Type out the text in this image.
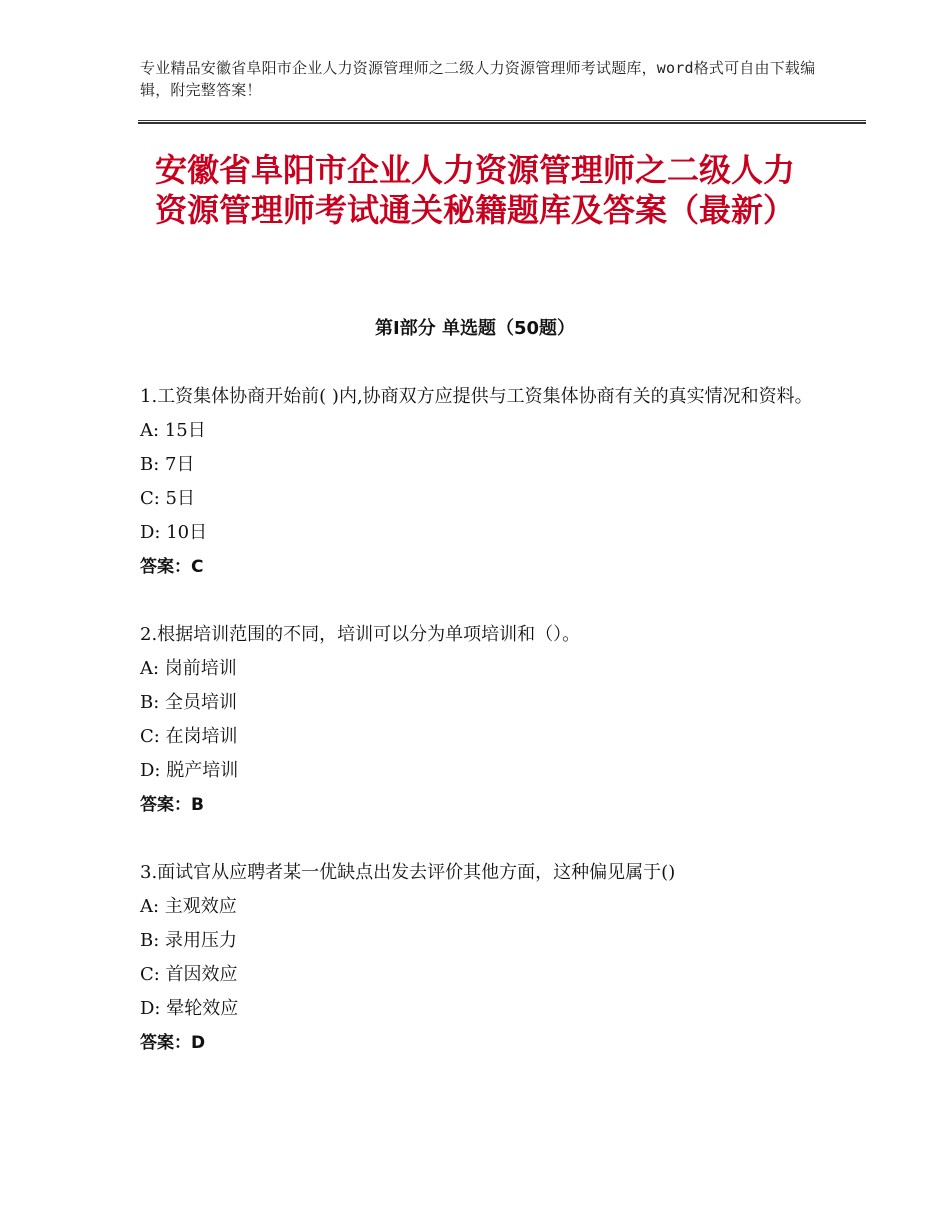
专业精品安徽省阜阳市企业人力资源管理师之二级人力资源管理师考试题库，word格式可自由下载编辑，附完整答案！
安徽省阜阳市企业人力资源管理师之二级人力资源管理师考试通关秘籍题库及答案（最新）
第Ⅰ部分 单选题（50题）
1.工资集体协商开始前( )内,协商双方应提供与工资集体协商有关的真实情况和资料。
A: 15日
B: 7日
C: 5日
D: 10日
答案：C
2.根据培训范围的不同，培训可以分为单项培训和（）。
A: 岗前培训
B: 全员培训
C: 在岗培训
D: 脱产培训
答案：B
3.面试官从应聘者某一优缺点出发去评价其他方面，这种偏见属于()
A: 主观效应
B: 录用压力
C: 首因效应
D: 晕轮效应
答案：D
